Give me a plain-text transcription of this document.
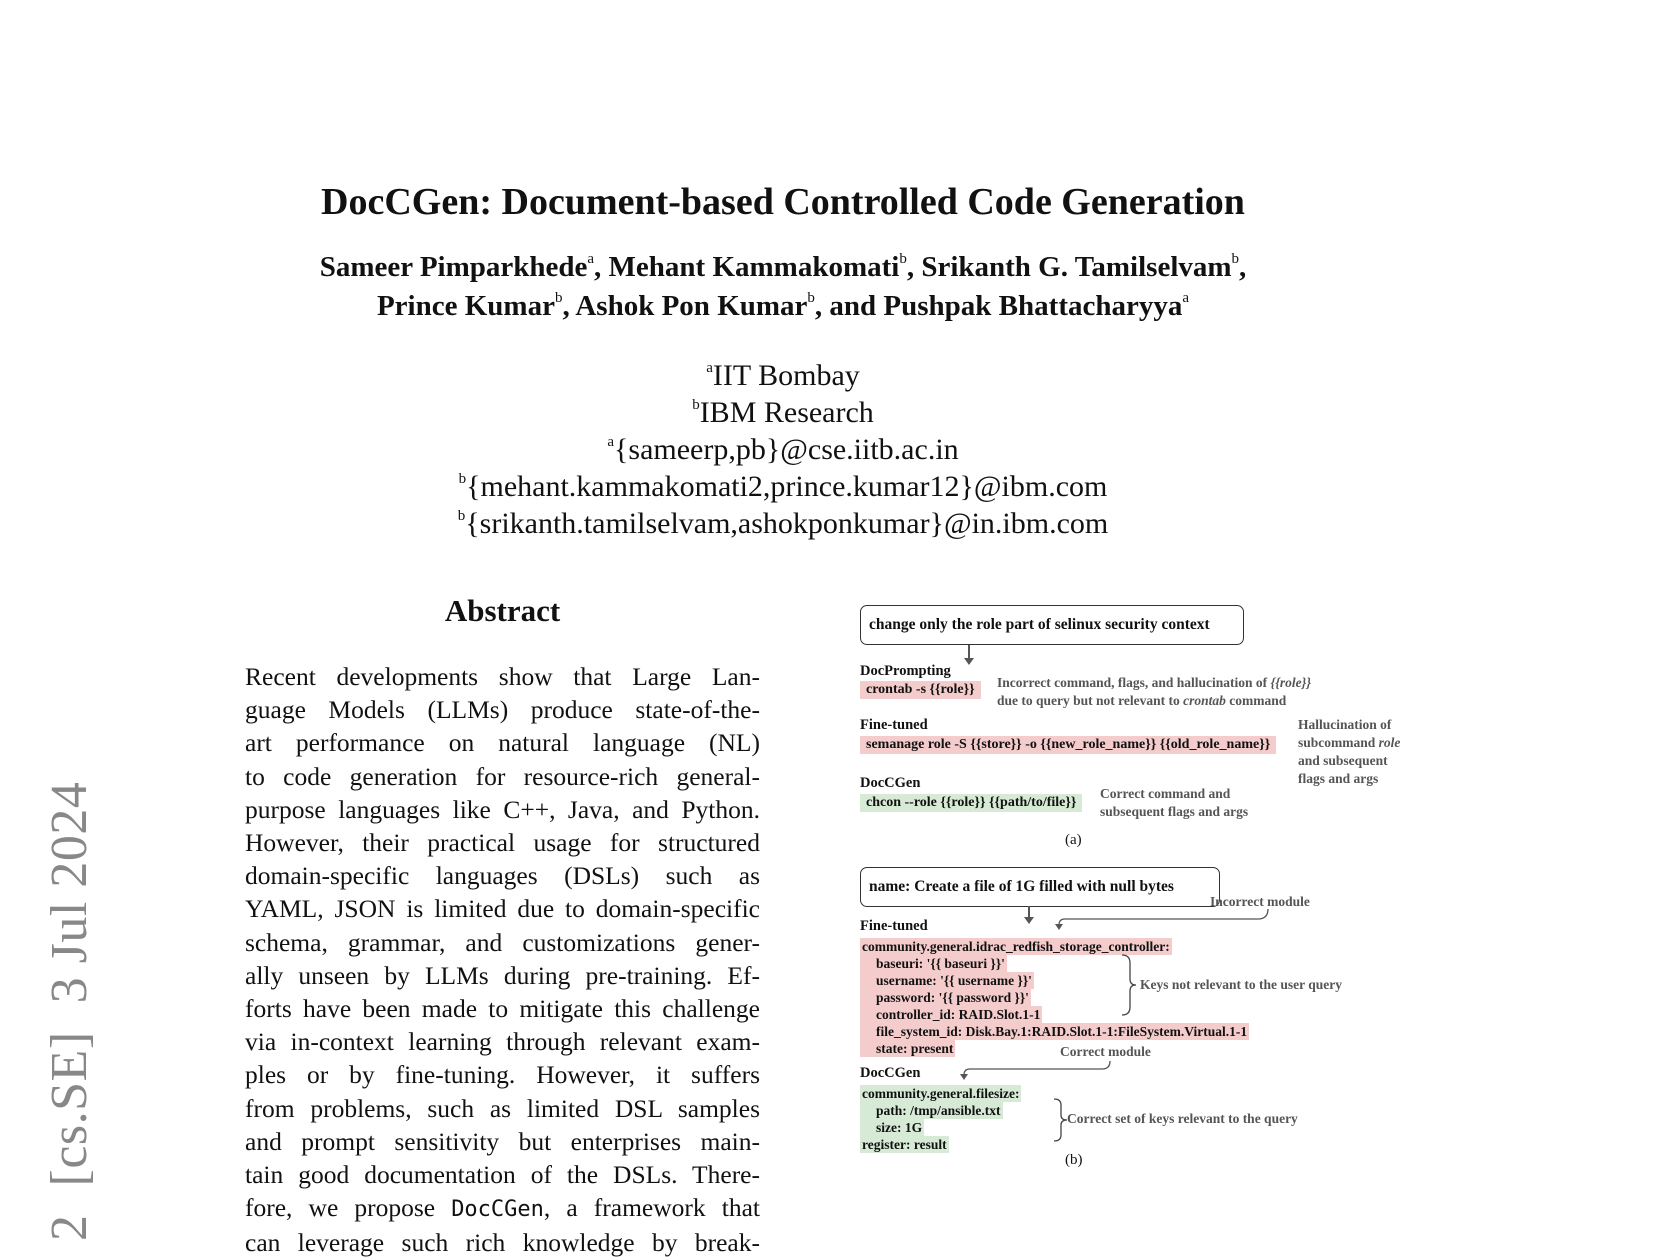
2[cs.SE]3 Jul 2024
DocCGen: Document-based Controlled Code Generation
Sameer Pimparkhede$^a$, Mehant Kammakomati$^b$, Srikanth G. Tamilselvam$^b$,
Prince Kumar$^b$, Ashok Pon Kumar$^b$, and Pushpak Bhattacharyya$^a$
$^a$IIT Bombay
$^b$IBM Research
$^a${sameerp,pb}@cse.iitb.ac.in
$^b${mehant.kammakomati2,prince.kumar12}@ibm.com
$^b${srikanth.tamilselvam,ashokponkumar}@in.ibm.com
Abstract
Recent developments show that Large Lan-
guage Models (LLMs) produce state-of-the-
art performance on natural language (NL)
to code generation for resource-rich general-
purpose languages like C++, Java, and Python.
However, their practical usage for structured
domain-specific languages (DSLs) such as
YAML, JSON is limited due to domain-specific
schema, grammar, and customizations gener-
ally unseen by LLMs during pre-training. Ef-
forts have been made to mitigate this challenge
via in-context learning through relevant exam-
ples or by fine-tuning. However, it suffers
from problems, such as limited DSL samples
and prompt sensitivity but enterprises main-
tain good documentation of the DSLs. There-
fore, we propose DocCGen, a framework that
can leverage such rich knowledge by break-
change only the role part of selinux security context
DocPrompting
crontab -s {{role}}	Incorrect command, flags, and hallucination of {{role}}
due to query but not relevant to crontab command
Fine-tuned
semanage role -S {{store}} -o {{new_role_name}} {{old_role_name}}
Hallucination of
subcommand role
and subsequent
flags and args
DocCGen
chcon --role {{role}} {{path/to/file}}
Correct command and
subsequent flags and args
(a)
name: Create a file of 1G filled with null bytes
Incorrect module
Fine-tuned
community.general.idrac_redfish_storage_controller:
baseuri: '{{ baseuri }}'
username: '{{ username }}'
password: '{{ password }}'
controller_id: RAID.Slot.1-1
file_system_id: Disk.Bay.1:RAID.Slot.1-1:FileSystem.Virtual.1-1
state: present
Keys not relevant to the user query
Correct module
DocCGen
community.general.filesize:
path: /tmp/ansible.txt
size: 1G
register: result
Correct set of keys relevant to the query
(b)
